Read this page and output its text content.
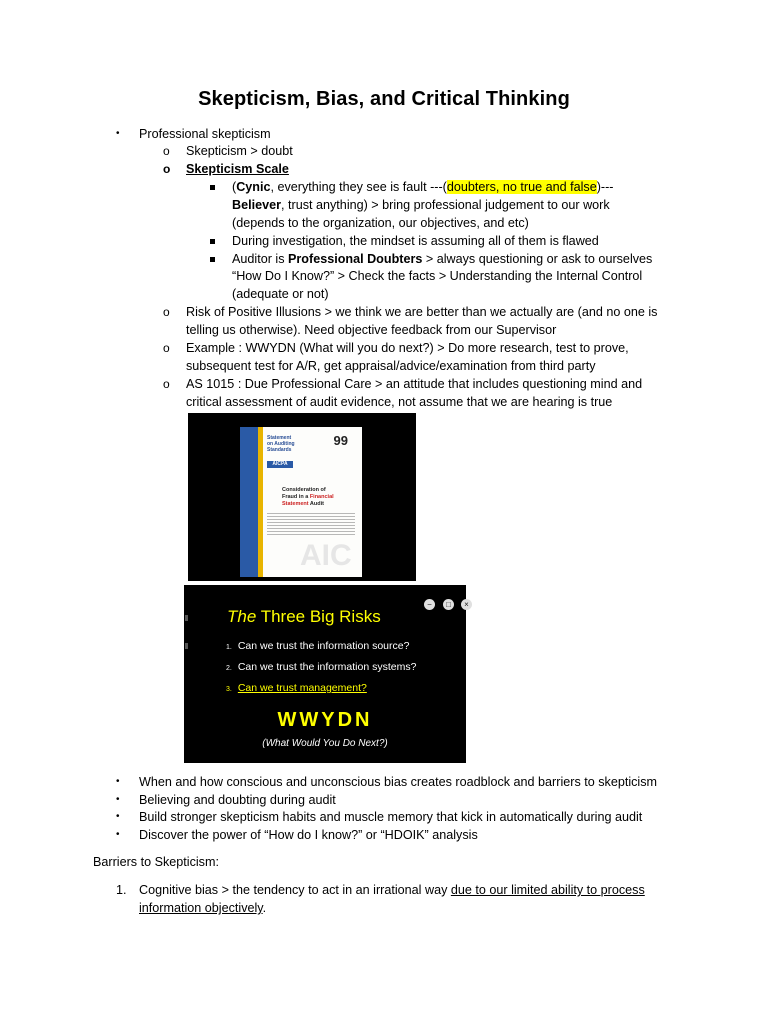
Skepticism, Bias, and Critical Thinking
• Professional skepticism
o Skepticism > doubt
o Skepticism Scale
(Cynic, everything they see is fault ---(doubters, no true and false)---
Believer, trust anything) > bring professional judgement to our work
(depends to the organization, our objectives, and etc)
During investigation, the mindset is assuming all of them is flawed
Auditor is Professional Doubters > always questioning or ask to ourselves
“How Do I Know?” > Check the facts > Understanding the Internal Control
(adequate or not)
o Risk of Positive Illusions > we think we are better than we actually are (and no one is
telling us otherwise). Need objective feedback from our Supervisor
o Example : WWYDN (What will you do next?) > Do more research, test to prove,
subsequent test for A/R, get appraisal/advice/examination from third party
o AS 1015 : Due Professional Care > an attitude that includes questioning mind and
critical assessment of audit evidence, not assume that we are hearing is true
Statement
on Auditing
Standards
99
AICPA
Consideration of
Fraud in a Financial
Statement Audit
AIC
−	□	×
The Three Big Risks
1. Can we trust the information source?
2. Can we trust the information systems?
3. Can we trust management?
WWYDN
(What Would You Do Next?)
• When and how conscious and unconscious bias creates roadblock and barriers to skepticism
• Believing and doubting during audit
• Build stronger skepticism habits and muscle memory that kick in automatically during audit
• Discover the power of “How do I know?” or “HDOIK” analysis
Barriers to Skepticism:
1. Cognitive bias > the tendency to act in an irrational way due to our limited ability to process
information objectively.
